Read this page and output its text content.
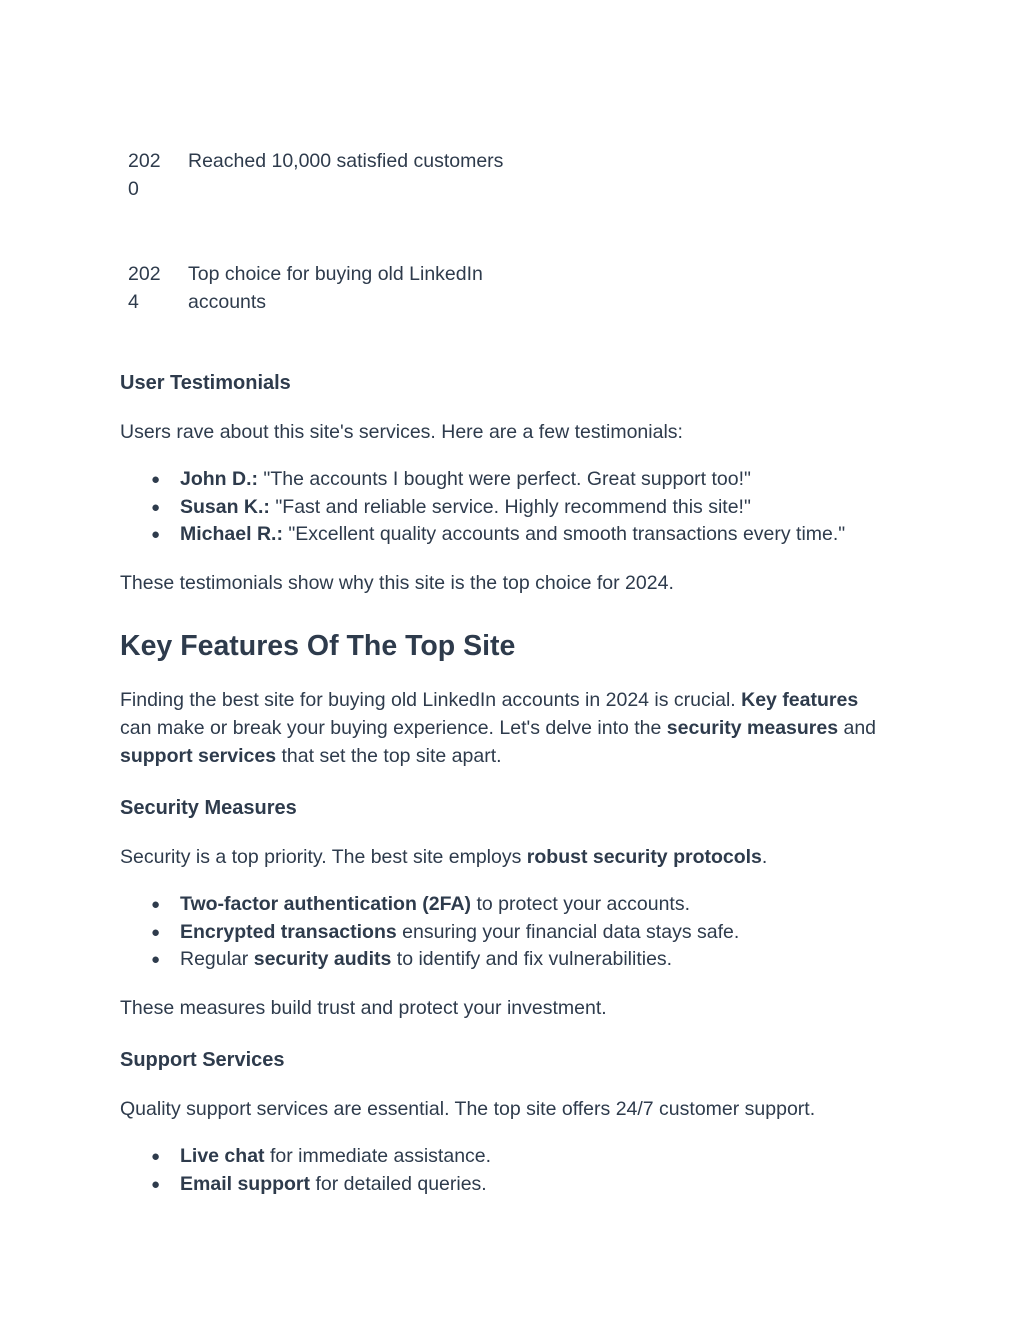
2020
Reached 10,000 satisfied customers
2024
Top choice for buying old LinkedIn accounts
User Testimonials
Users rave about this site's services. Here are a few testimonials:
● John D.: "The accounts I bought were perfect. Great support too!"
● Susan K.: "Fast and reliable service. Highly recommend this site!"
● Michael R.: "Excellent quality accounts and smooth transactions every time."
These testimonials show why this site is the top choice for 2024.
Key Features Of The Top Site
Finding the best site for buying old LinkedIn accounts in 2024 is crucial. Key features can make or break your buying experience. Let's delve into the security measures and support services that set the top site apart.
Security Measures
Security is a top priority. The best site employs robust security protocols.
● Two-factor authentication (2FA) to protect your accounts.
● Encrypted transactions ensuring your financial data stays safe.
● Regular security audits to identify and fix vulnerabilities.
These measures build trust and protect your investment.
Support Services
Quality support services are essential. The top site offers 24/7 customer support.
● Live chat for immediate assistance.
● Email support for detailed queries.
